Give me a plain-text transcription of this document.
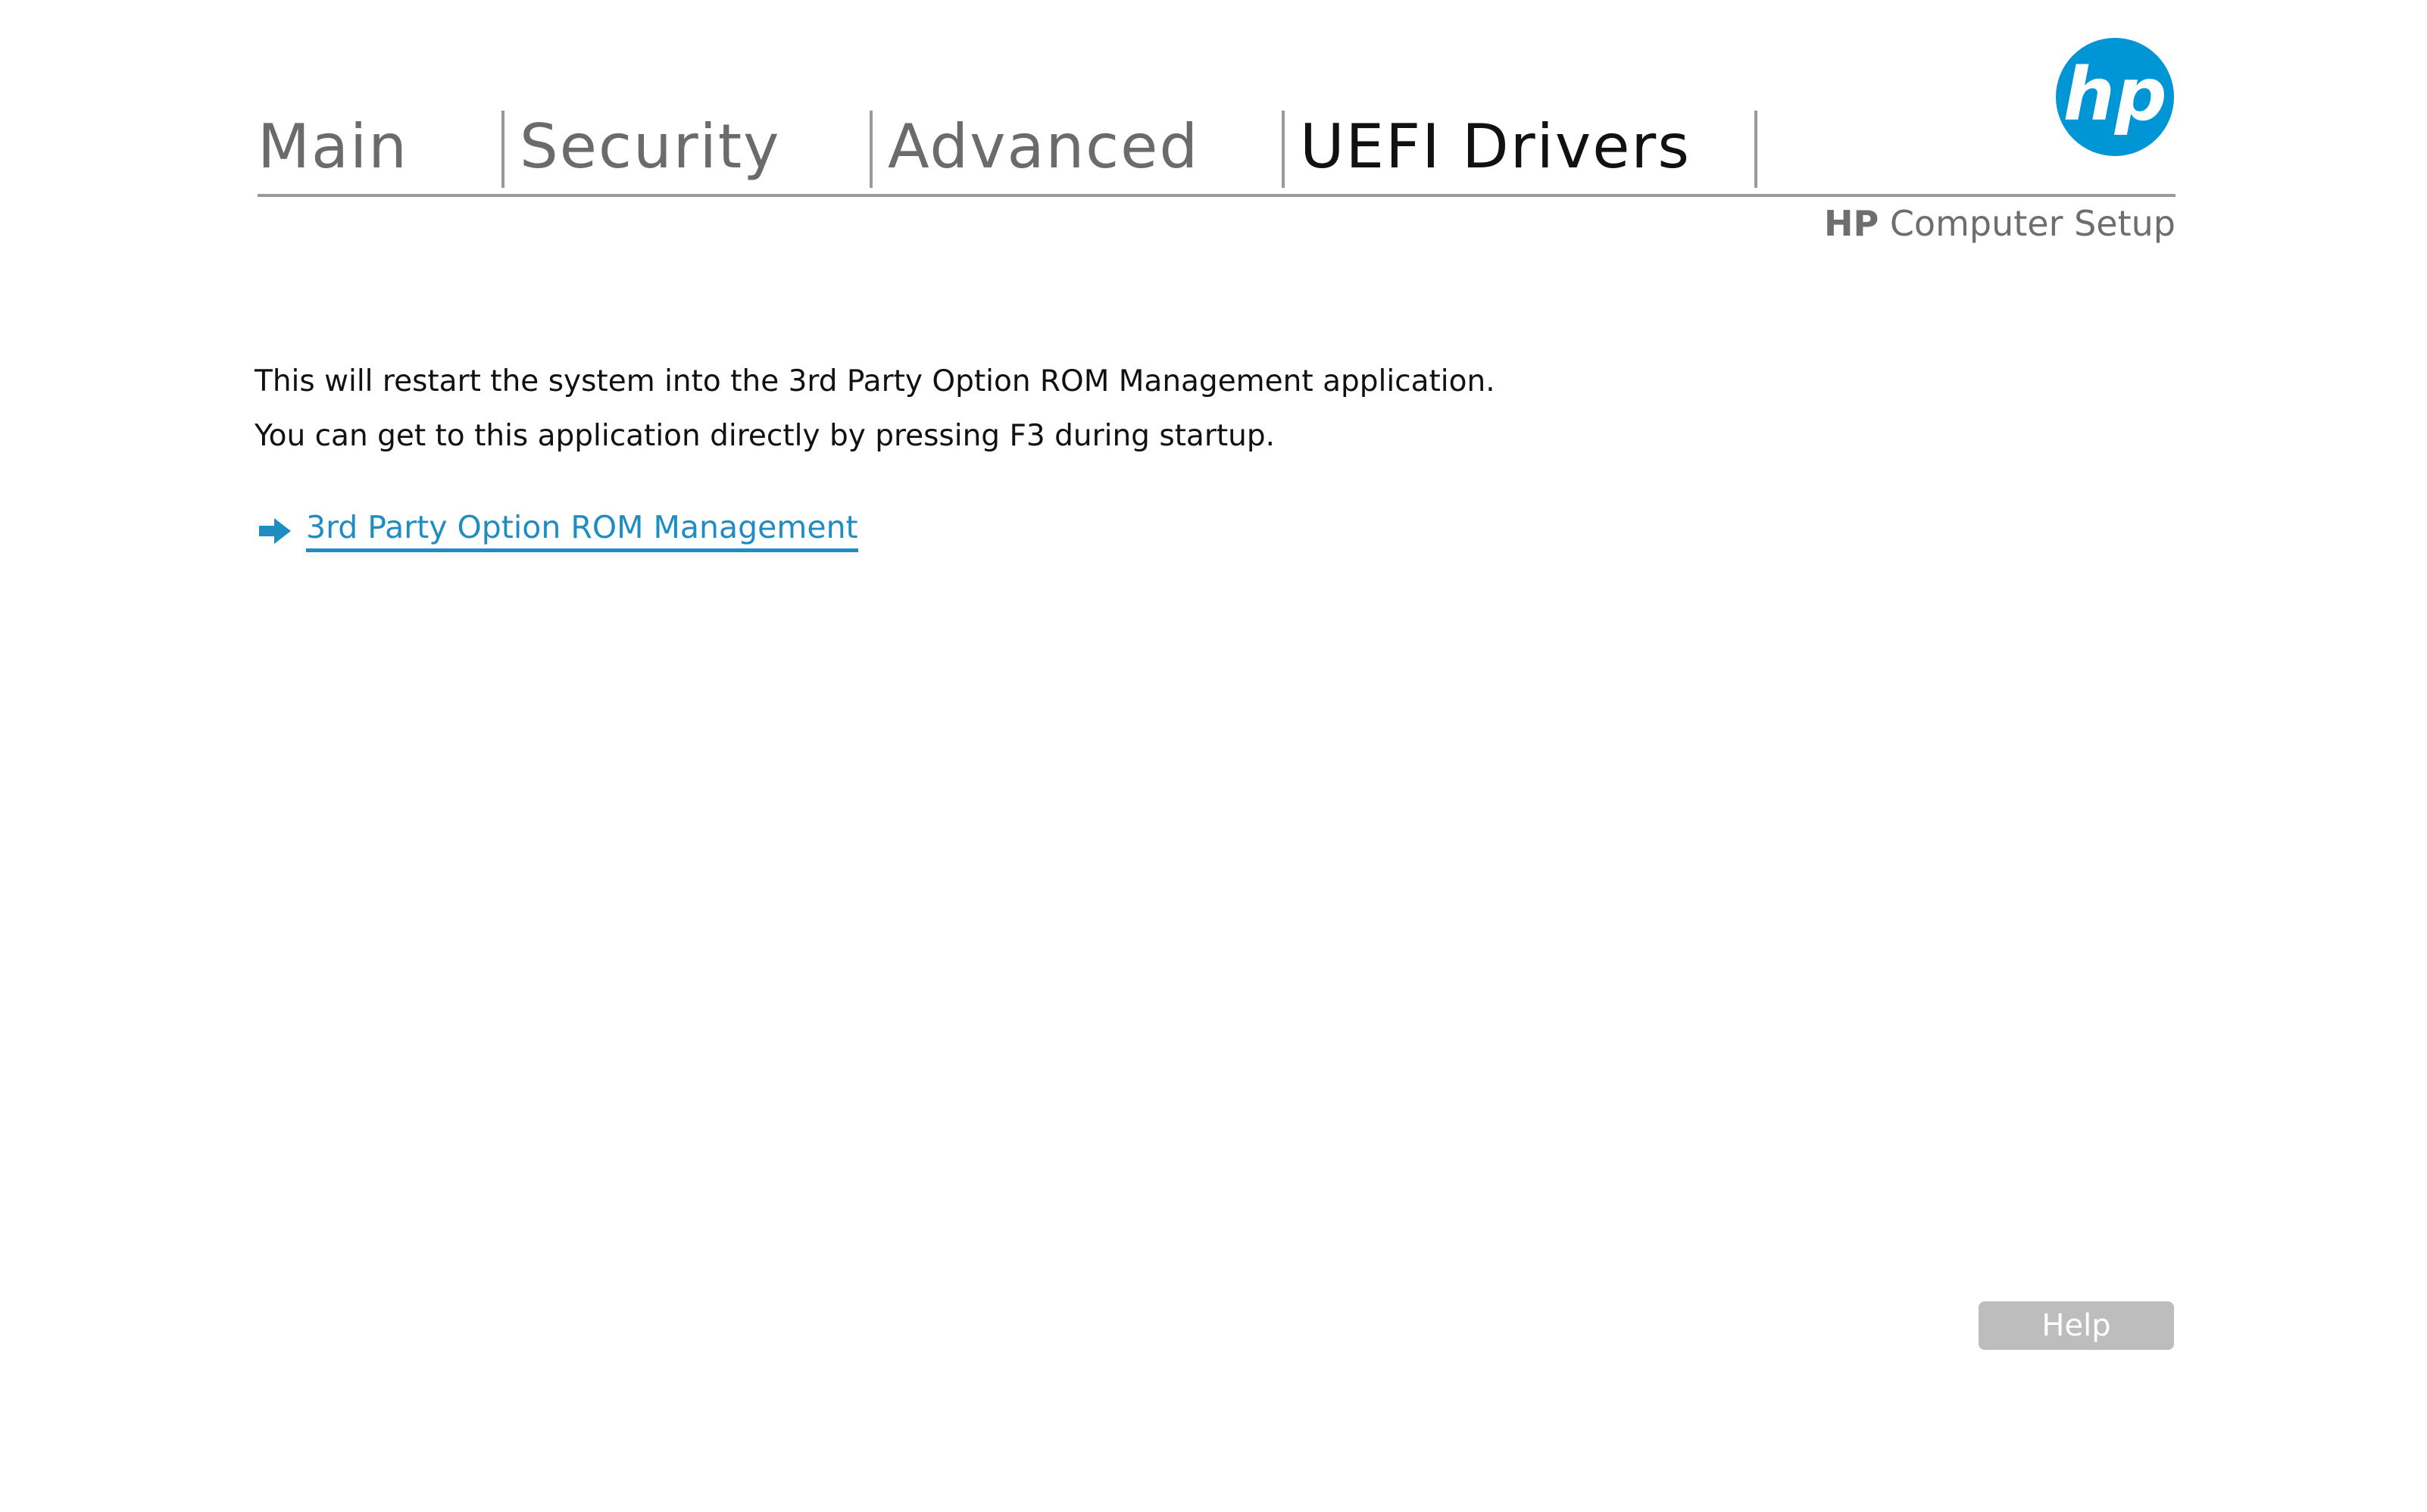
Main	Security	Advanced	UEFI Drivers
hp
HP Computer Setup
This will restart the system into the 3rd Party Option ROM Management application.
You can get to this application directly by pressing F3 during startup.
3rd Party Option ROM Management
Help
